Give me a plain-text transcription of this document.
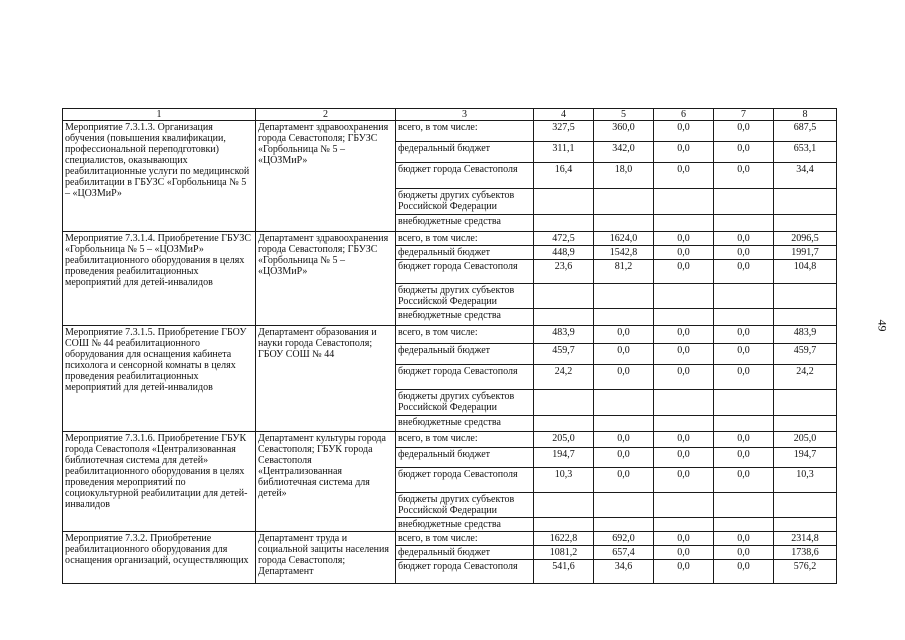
49
1	2	3	4	5	6	7	8
Мероприятие 7.3.1.3. Организация обучения (повышения квалификации, профессиональной переподготовки) специалистов, оказывающих реабилитационные услуги по медицинской реабилитации в ГБУЗС «Горбольница № 5 – «ЦОЗМиР»	Департамент здравоохранения города Севастополя; ГБУЗС «Горбольница № 5 – «ЦОЗМиР»	всего, в том числе:	327,5	360,0	0,0	0,0	687,5
		федеральный бюджет	311,1	342,0	0,0	0,0	653,1
		бюджет города Севастополя	16,4	18,0	0,0	0,0	34,4
		бюджеты других субъектов Российской Федерации					
		внебюджетные средства					
Мероприятие 7.3.1.4. Приобретение ГБУЗС «Горбольница № 5 – «ЦОЗМиР» реабилитационного оборудования в целях проведения реабилитационных мероприятий для детей-инвалидов	Департамент здравоохранения города Севастополя; ГБУЗС «Горбольница № 5 – «ЦОЗМиР»	всего, в том числе:	472,5	1624,0	0,0	0,0	2096,5
		федеральный бюджет	448,9	1542,8	0,0	0,0	1991,7
		бюджет города Севастополя	23,6	81,2	0,0	0,0	104,8
		бюджеты других субъектов Российской Федерации					
		внебюджетные средства					
Мероприятие 7.3.1.5. Приобретение ГБОУ СОШ № 44 реабилитационного оборудования для оснащения кабинета психолога и сенсорной комнаты в целях проведения реабилитационных мероприятий для детей-инвалидов	Департамент образования и науки города Севастополя; ГБОУ СОШ № 44	всего, в том числе:	483,9	0,0	0,0	0,0	483,9
		федеральный бюджет	459,7	0,0	0,0	0,0	459,7
		бюджет города Севастополя	24,2	0,0	0,0	0,0	24,2
		бюджеты других субъектов Российской Федерации					
		внебюджетные средства					
Мероприятие 7.3.1.6. Приобретение ГБУК города Севастополя «Централизованная библиотечная система для детей» реабилитационного оборудования в целях проведения мероприятий по социокультурной реабилитации для детей-инвалидов	Департамент культуры города Севастополя; ГБУК города Севастополя «Централизованная библиотечная система для детей»	всего, в том числе:	205,0	0,0	0,0	0,0	205,0
		федеральный бюджет	194,7	0,0	0,0	0,0	194,7
		бюджет города Севастополя	10,3	0,0	0,0	0,0	10,3
		бюджеты других субъектов Российской Федерации					
		внебюджетные средства					
Мероприятие 7.3.2. Приобретение реабилитационного оборудования для оснащения организаций, осуществляющих	Департамент труда и социальной защиты населения города Севастополя; Департамент	всего, в том числе:	1622,8	692,0	0,0	0,0	2314,8
		федеральный бюджет	1081,2	657,4	0,0	0,0	1738,6
		бюджет города Севастополя	541,6	34,6	0,0	0,0	576,2
